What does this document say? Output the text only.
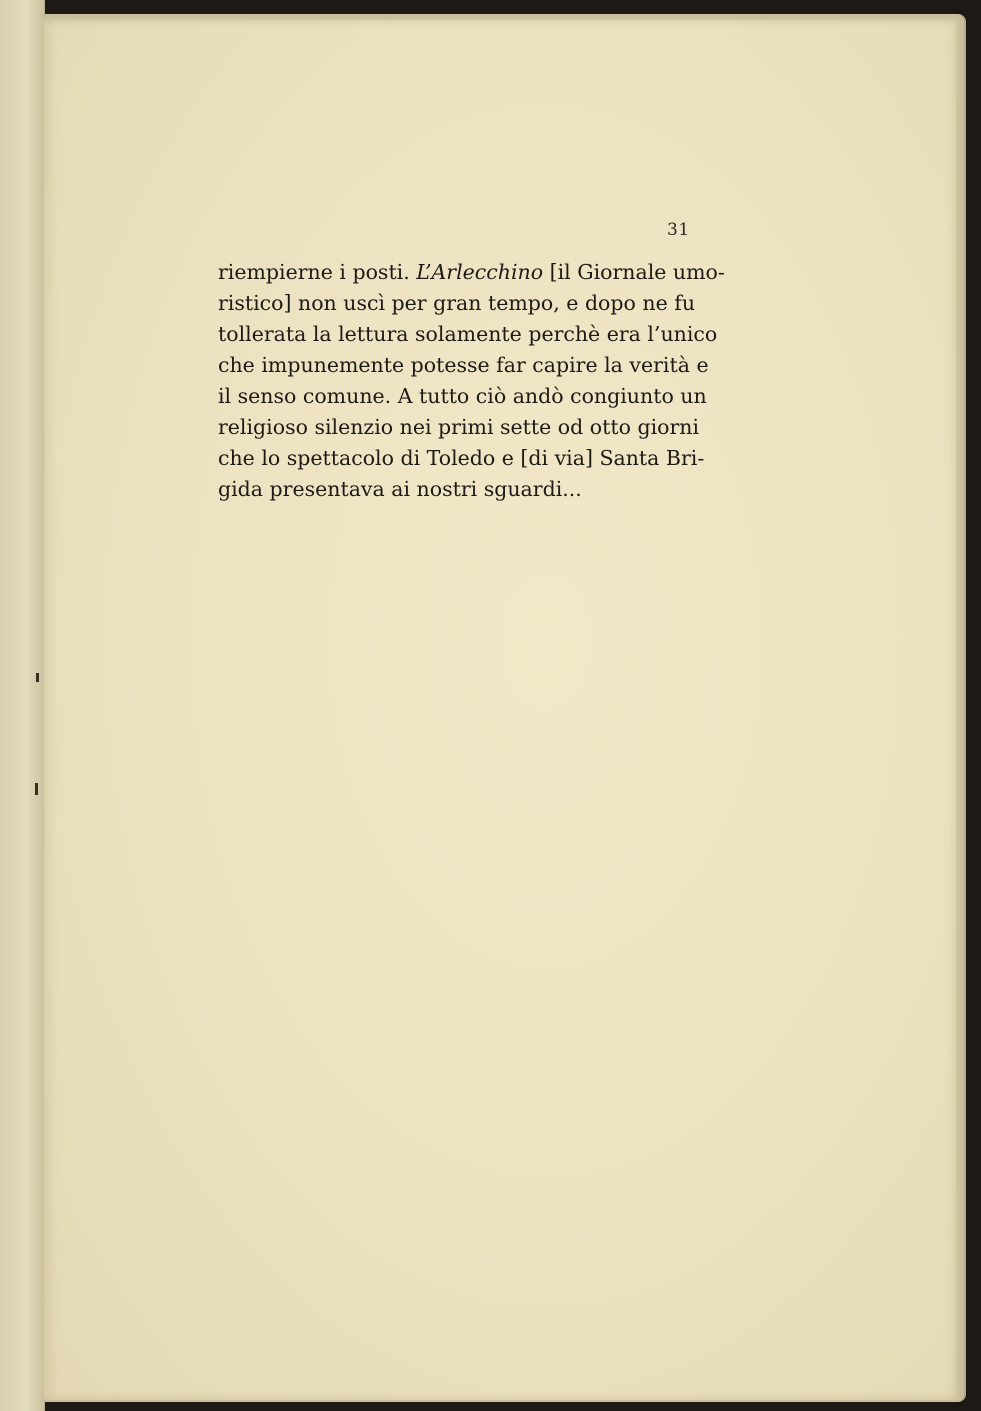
31

riempierne i posti. L’Arlecchino [il Giornale umo-
ristico] non uscì per gran tempo, e dopo ne fu
tollerata la lettura solamente perchè era l’unico
che impunemente potesse far capire la verità e
il senso comune. A tutto ciò andò congiunto un
religioso silenzio nei primi sette od otto giorni
che lo spettacolo di Toledo e [di via] Santa Bri-
gida presentava ai nostri sguardi...
